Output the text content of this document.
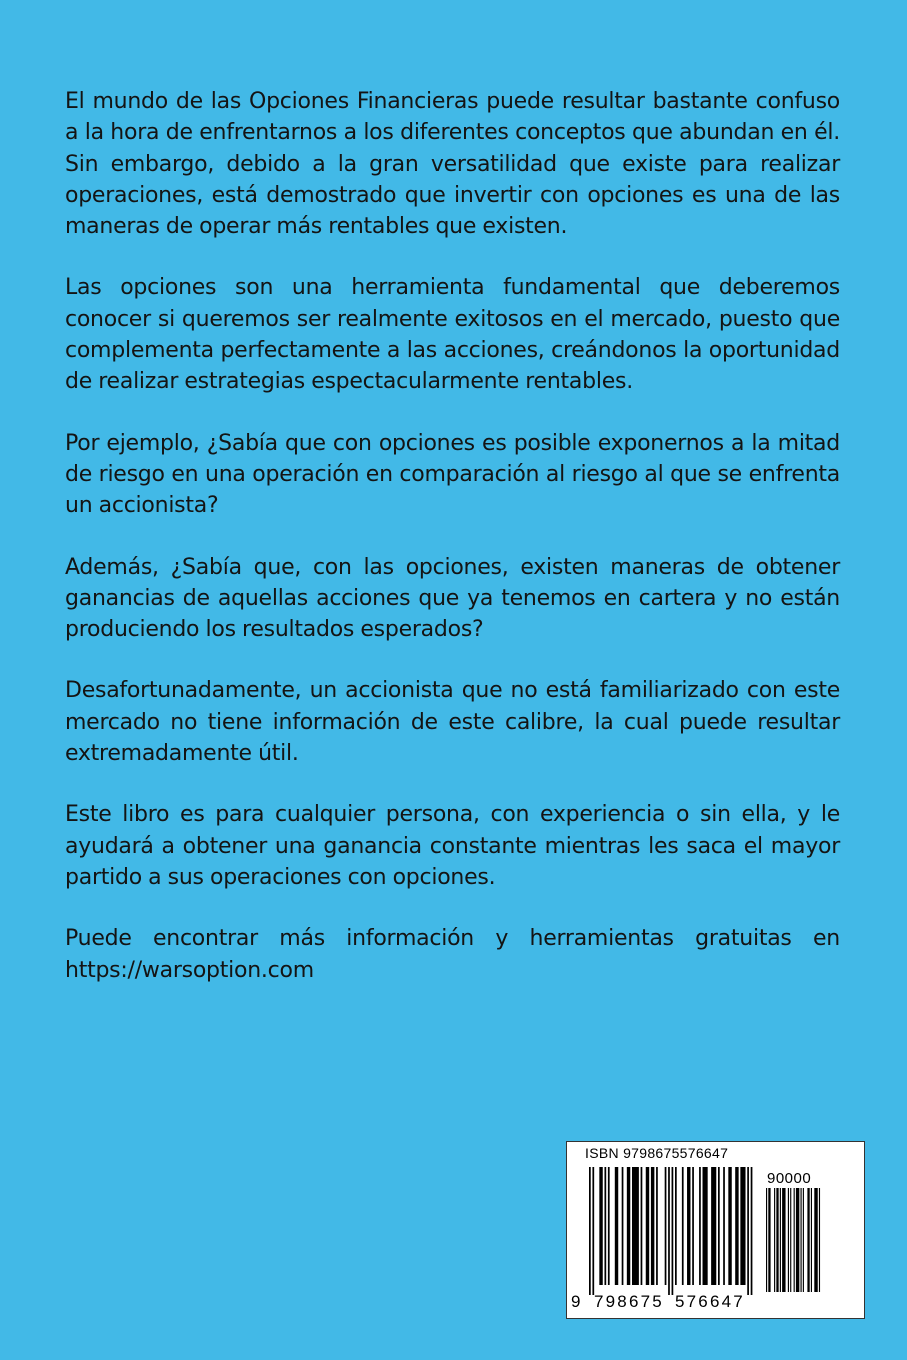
El mundo de las Opciones Financieras puede resultar bastante confuso a la hora de enfrentarnos a los diferentes conceptos que abundan en él. Sin embargo, debido a la gran versatilidad que existe para realizar operaciones, está demostrado que invertir con opciones es una de las maneras de operar más rentables que existen.

Las opciones son una herramienta fundamental que deberemos conocer si queremos ser realmente exitosos en el mercado, puesto que complementa perfectamente a las acciones, creándonos la oportunidad de realizar estrategias espectacularmente rentables.

Por ejemplo, ¿Sabía que con opciones es posible exponernos a la mitad de riesgo en una operación en comparación al riesgo al que se enfrenta un accionista?

Además, ¿Sabía que, con las opciones, existen maneras de obtener ganancias de aquellas acciones que ya tenemos en cartera y no están produciendo los resultados esperados?

Desafortunadamente, un accionista que no está familiarizado con este mercado no tiene información de este calibre, la cual puede resultar extremadamente útil.

Este libro es para cualquier persona, con experiencia o sin ella, y le ayudará a obtener una ganancia constante mientras les saca el mayor partido a sus operaciones con opciones.

Puede encontrar más información y herramientas gratuitas en https://warsoption.com

ISBN 9798675576647
90000
9 798675 576647
